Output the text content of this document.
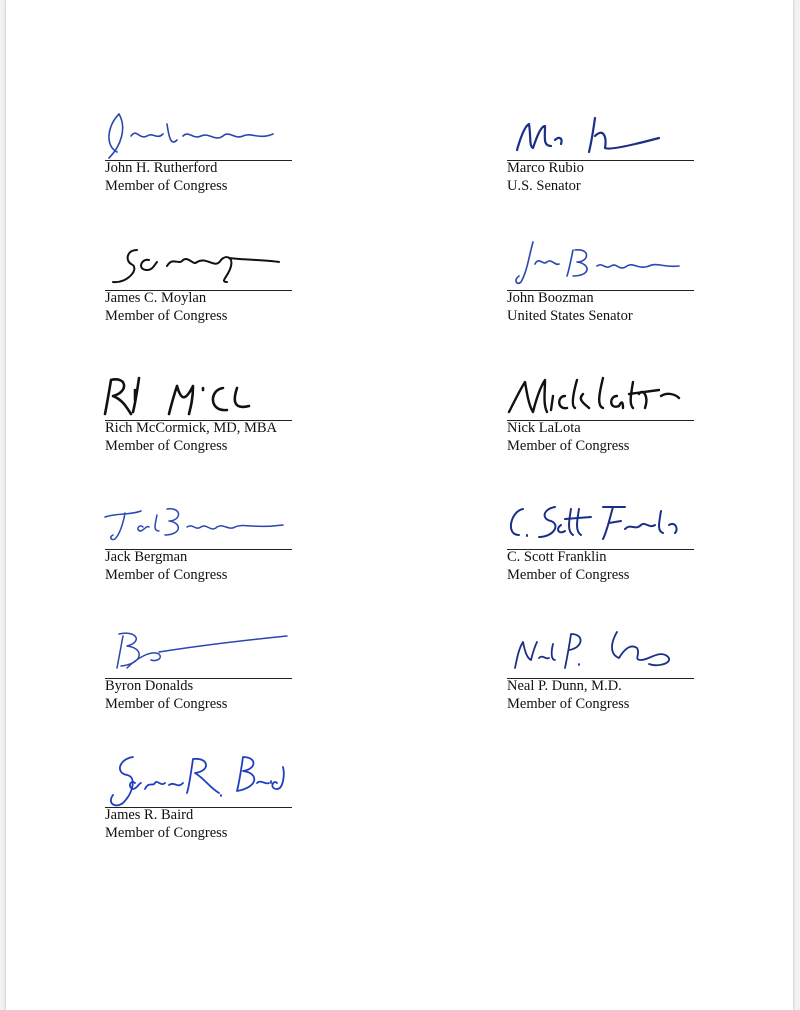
John H. Rutherford
Member of Congress
Marco Rubio
U.S. Senator
James C. Moylan
Member of Congress
John Boozman
United States Senator
Rich McCormick, MD, MBA
Member of Congress
Nick LaLota
Member of Congress
Jack Bergman
Member of Congress
C. Scott Franklin
Member of Congress
Byron Donalds
Member of Congress
Neal P. Dunn, M.D.
Member of Congress
James R. Baird
Member of Congress
